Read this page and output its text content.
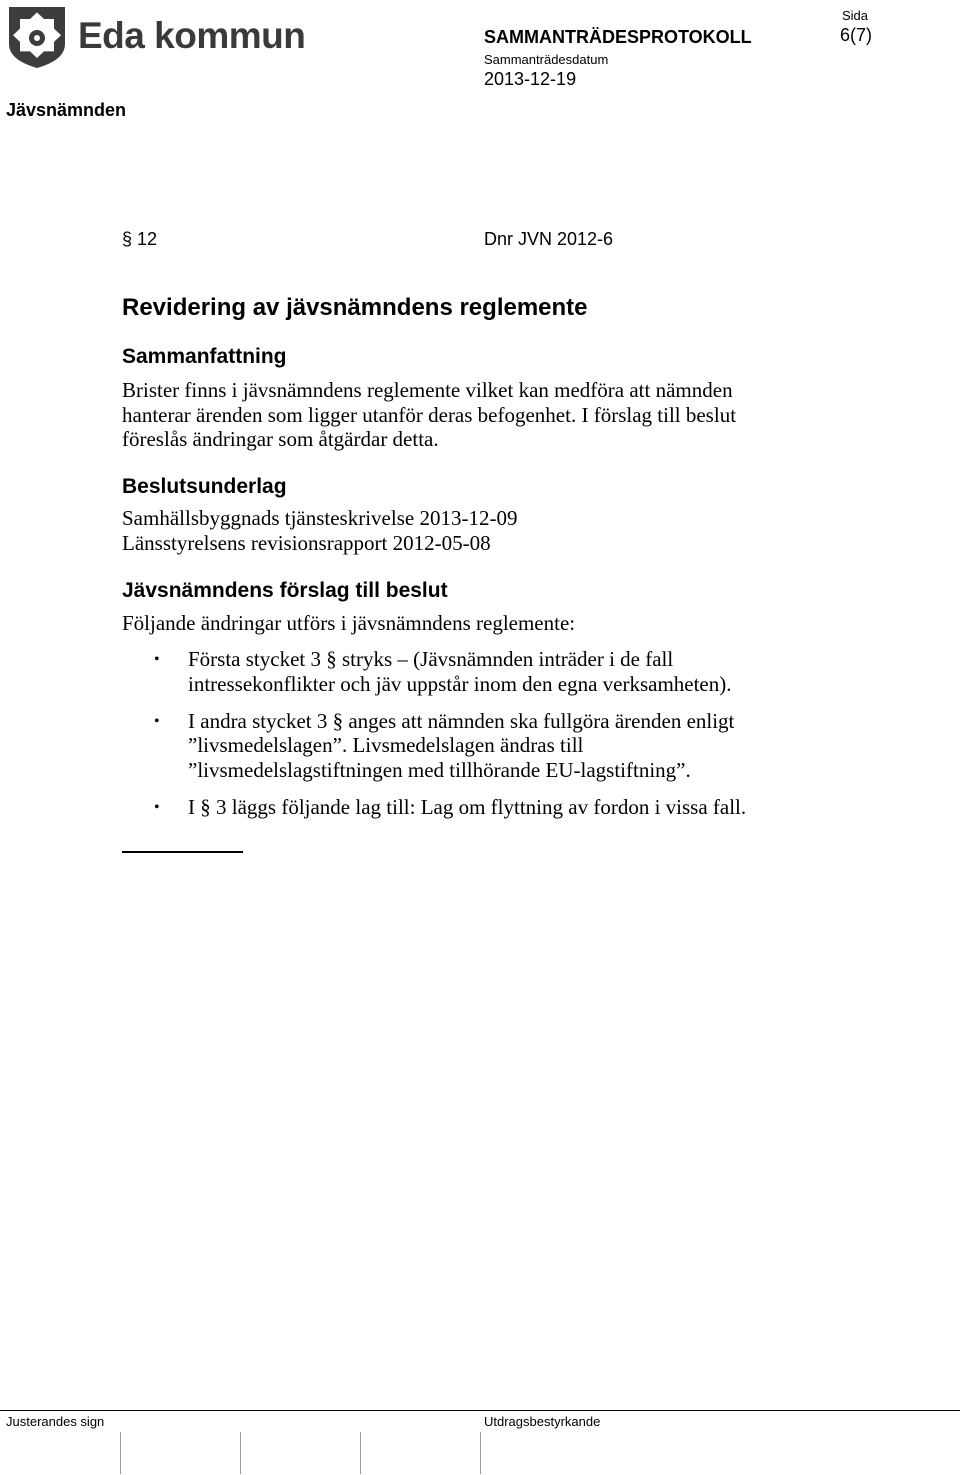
Eda kommun	SAMMANTRÄDESPROTOKOLL
Sammanträdesdatum
2013-12-19
Sida
6(7)
Jävsnämnden
§ 12	Dnr JVN 2012-6
Revidering av jävsnämndens reglemente
Sammanfattning
Brister finns i jävsnämndens reglemente vilket kan medföra att nämnden
hanterar ärenden som ligger utanför deras befogenhet. I förslag till beslut
föreslås ändringar som åtgärdar detta.
Beslutsunderlag
Samhällsbyggnads tjänsteskrivelse 2013-12-09
Länsstyrelsens revisionsrapport 2012-05-08
Jävsnämndens förslag till beslut
Följande ändringar utförs i jävsnämndens reglemente:
• Första stycket 3 § stryks – (Jävsnämnden inträder i de fall
intressekonflikter och jäv uppstår inom den egna verksamheten).
• I andra stycket 3 § anges att nämnden ska fullgöra ärenden enligt
”livsmedelslagen”. Livsmedelslagen ändras till
”livsmedelslagstiftningen med tillhörande EU-lagstiftning”.
• I § 3 läggs följande lag till: Lag om flyttning av fordon i vissa fall.
Justerandes sign	Utdragsbestyrkande
